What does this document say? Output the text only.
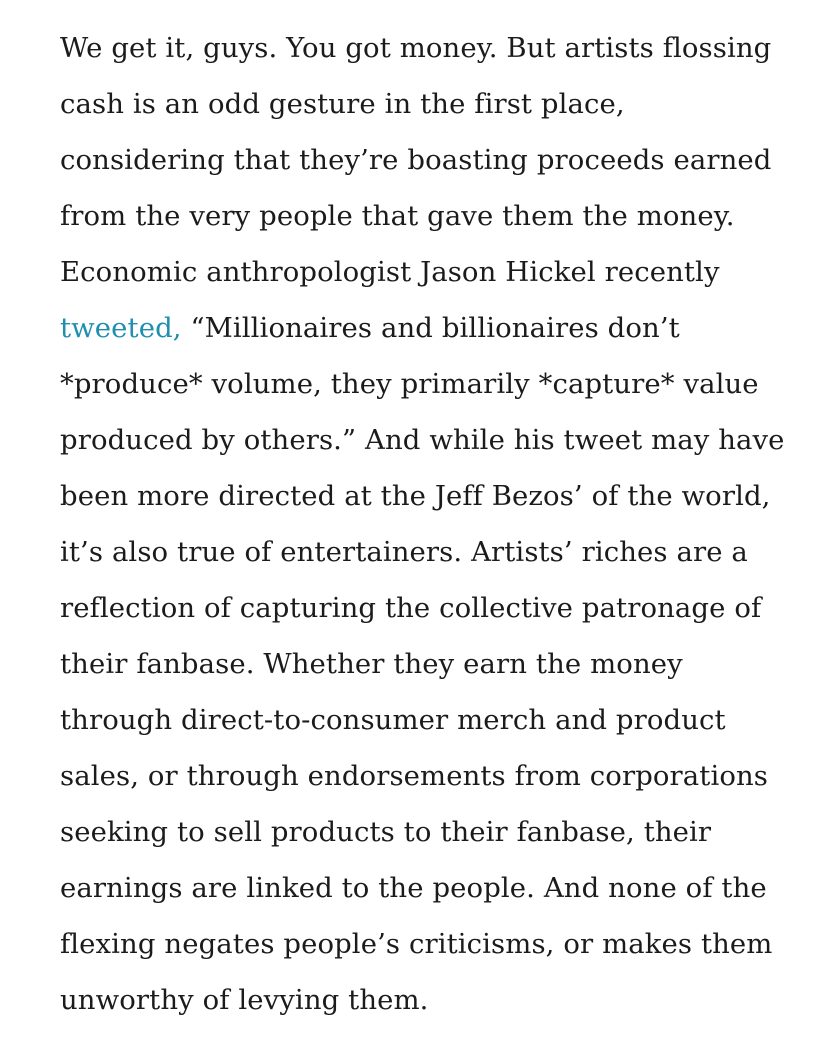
We get it, guys. You got money. But artists flossing
cash is an odd gesture in the first place,
considering that they’re boasting proceeds earned
from the very people that gave them the money.
Economic anthropologist Jason Hickel recently
tweeted, “Millionaires and billionaires don’t
*produce* volume, they primarily *capture* value
produced by others.” And while his tweet may have
been more directed at the Jeff Bezos’ of the world,
it’s also true of entertainers. Artists’ riches are a
reflection of capturing the collective patronage of
their fanbase. Whether they earn the money
through direct-to-consumer merch and product
sales, or through endorsements from corporations
seeking to sell products to their fanbase, their
earnings are linked to the people. And none of the
flexing negates people’s criticisms, or makes them
unworthy of levying them.
